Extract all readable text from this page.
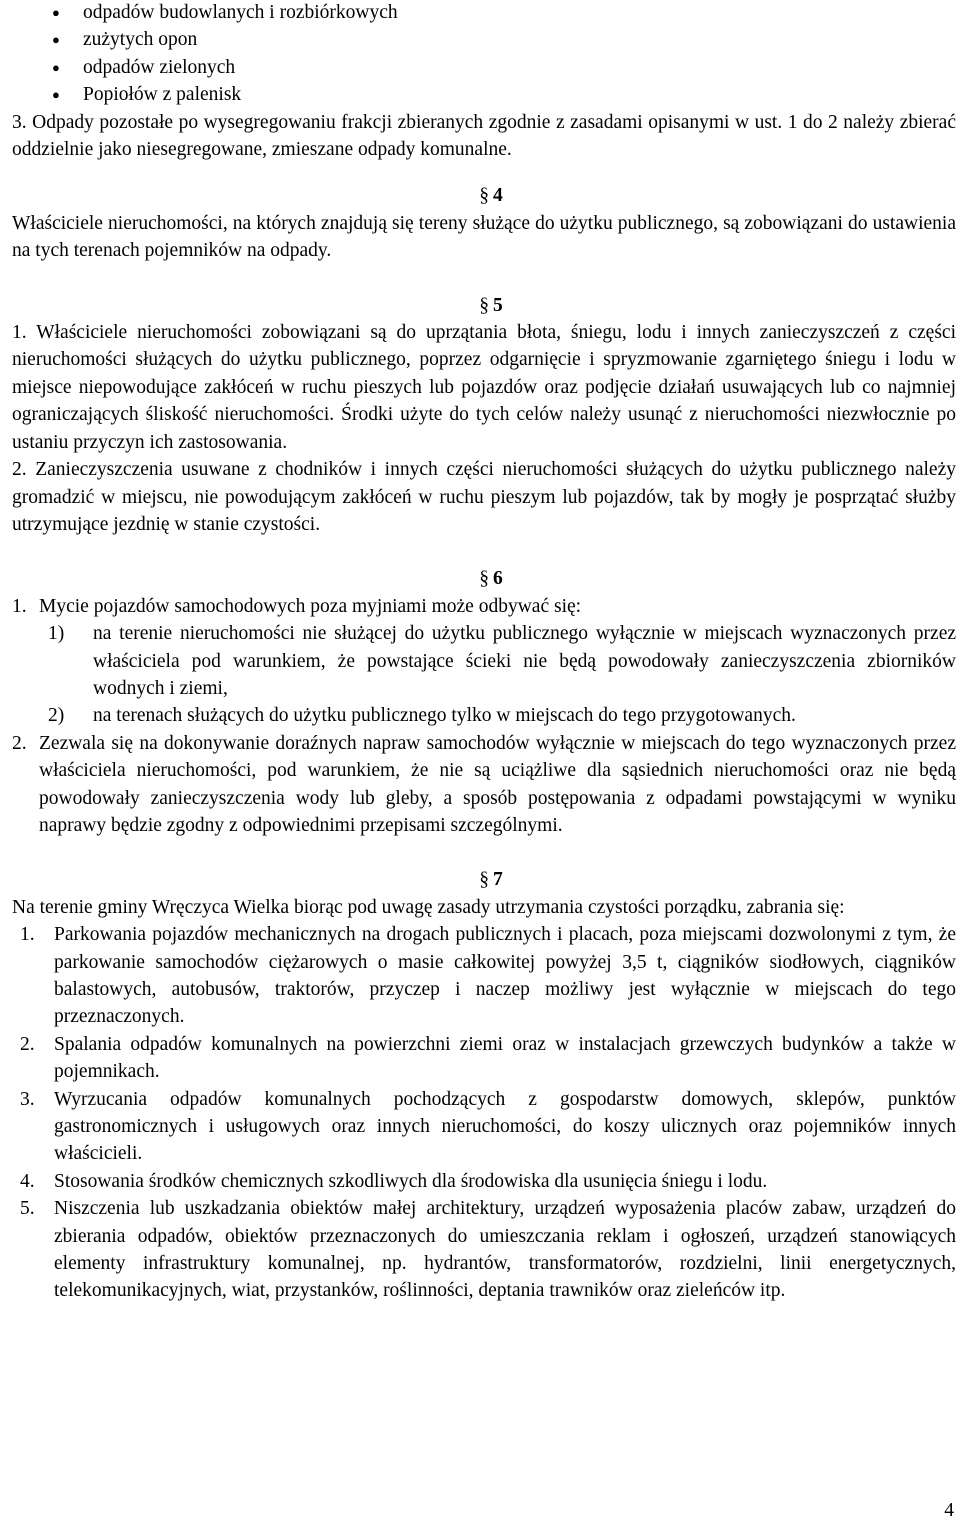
●	odpadów budowlanych i rozbiórkowych
●	zużytych opon
●	odpadów zielonych
●	Popiołów z palenisk
3. Odpady pozostałe po wysegregowaniu frakcji zbieranych zgodnie z zasadami opisanymi w ust. 1 do 2 należy zbierać oddzielnie jako niesegregowane, zmieszane odpady komunalne.
§ 4
Właściciele nieruchomości, na których znajdują się tereny służące do użytku publicznego, są zobowiązani do ustawienia na tych terenach pojemników na odpady.
§ 5
1. Właściciele nieruchomości zobowiązani są do uprzątania błota, śniegu, lodu i innych zanieczyszczeń z części nieruchomości służących do użytku publicznego, poprzez odgarnięcie i spryzmowanie zgarniętego śniegu i lodu w miejsce niepowodujące zakłóceń w ruchu pieszych lub pojazdów oraz podjęcie działań usuwających lub co najmniej ograniczających śliskość nieruchomości. Środki użyte do tych celów należy usunąć z nieruchomości niezwłocznie po ustaniu przyczyn ich zastosowania.
2. Zanieczyszczenia usuwane z chodników i innych części nieruchomości służących do użytku publicznego należy gromadzić w miejscu, nie powodującym zakłóceń w ruchu pieszym lub pojazdów, tak by mogły je posprzątać służby utrzymujące jezdnię w stanie czystości.
§ 6
1. Mycie pojazdów samochodowych poza myjniami może odbywać się:
1)	na terenie nieruchomości nie służącej do użytku publicznego wyłącznie w miejscach wyznaczonych przez właściciela pod warunkiem, że powstające ścieki nie będą powodowały zanieczyszczenia zbiorników wodnych i ziemi,
2)	na terenach służących do użytku publicznego tylko w miejscach do tego przygotowanych.
2. Zezwala się na dokonywanie doraźnych napraw samochodów wyłącznie w miejscach do tego wyznaczonych przez właściciela nieruchomości, pod warunkiem, że nie są uciążliwe dla sąsiednich nieruchomości oraz nie będą powodowały zanieczyszczenia wody lub gleby, a sposób postępowania z odpadami powstającymi w wyniku naprawy będzie zgodny z odpowiednimi przepisami szczególnymi.
§ 7
Na terenie gminy Wręczyca Wielka biorąc pod uwagę zasady utrzymania czystości porządku, zabrania się:
1. Parkowania pojazdów mechanicznych na drogach publicznych i placach, poza miejscami dozwolonymi z tym, że parkowanie samochodów ciężarowych o masie całkowitej powyżej 3,5 t, ciągników siodłowych, ciągników balastowych, autobusów, traktorów, przyczep i naczep możliwy jest wyłącznie w miejscach do tego przeznaczonych.
2. Spalania odpadów komunalnych na powierzchni ziemi oraz w instalacjach grzewczych budynków a także w pojemnikach.
3. Wyrzucania odpadów komunalnych pochodzących z gospodarstw domowych, sklepów, punktów gastronomicznych i usługowych oraz innych nieruchomości, do koszy ulicznych oraz pojemników innych właścicieli.
4. Stosowania środków chemicznych szkodliwych dla środowiska dla usunięcia śniegu i lodu.
5. Niszczenia lub uszkadzania obiektów małej architektury, urządzeń wyposażenia placów zabaw, urządzeń do zbierania odpadów, obiektów przeznaczonych do umieszczania reklam i ogłoszeń, urządzeń stanowiących elementy infrastruktury komunalnej, np. hydrantów, transformatorów, rozdzielni, linii energetycznych, telekomunikacyjnych, wiat, przystanków, roślinności, deptania trawników oraz zieleńców itp.
4
